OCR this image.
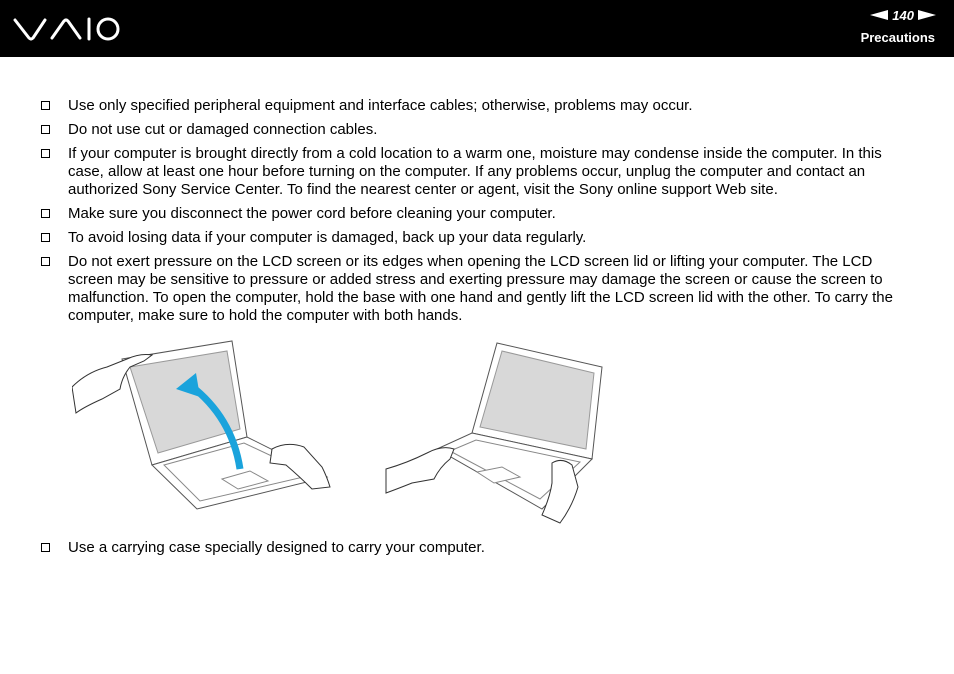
140
Precautions
Use only specified peripheral equipment and interface cables; otherwise, problems may occur.
Do not use cut or damaged connection cables.
If your computer is brought directly from a cold location to a warm one, moisture may condense inside the computer. In this case, allow at least one hour before turning on the computer. If any problems occur, unplug the computer and contact an authorized Sony Service Center. To find the nearest center or agent, visit the Sony online support Web site.
Make sure you disconnect the power cord before cleaning your computer.
To avoid losing data if your computer is damaged, back up your data regularly.
Do not exert pressure on the LCD screen or its edges when opening the LCD screen lid or lifting your computer. The LCD screen may be sensitive to pressure or added stress and exerting pressure may damage the screen or cause the screen to malfunction. To open the computer, hold the base with one hand and gently lift the LCD screen lid with the other. To carry the computer, make sure to hold the computer with both hands.
Use a carrying case specially designed to carry your computer.
